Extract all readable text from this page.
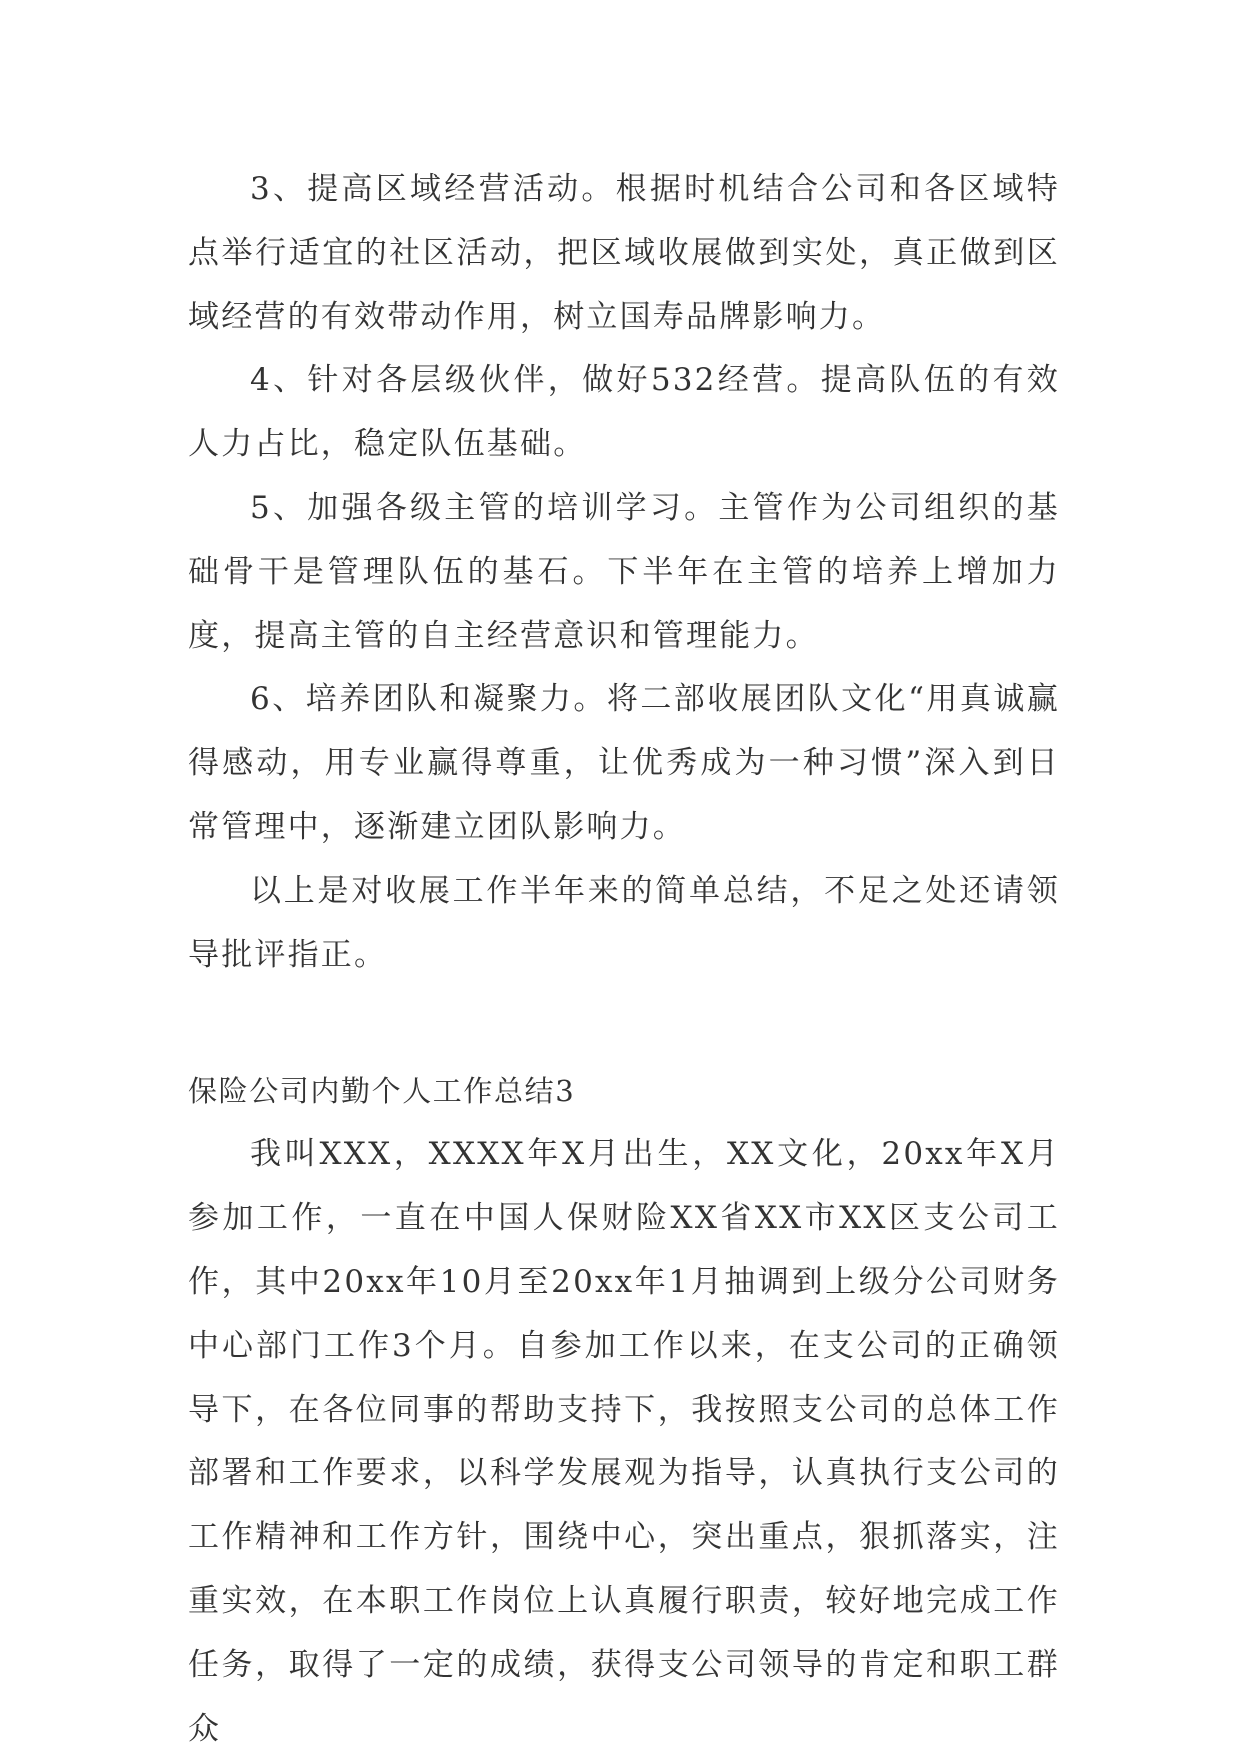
3、提高区域经营活动。根据时机结合公司和各区域特点举行适宜的社区活动，把区域收展做到实处，真正做到区域经营的有效带动作用，树立国寿品牌影响力。

4、针对各层级伙伴，做好532经营。提高队伍的有效人力占比，稳定队伍基础。

5、加强各级主管的培训学习。主管作为公司组织的基础骨干是管理队伍的基石。下半年在主管的培养上增加力度，提高主管的自主经营意识和管理能力。

6、培养团队和凝聚力。将二部收展团队文化“用真诚赢得感动，用专业赢得尊重，让优秀成为一种习惯”深入到日常管理中，逐渐建立团队影响力。

以上是对收展工作半年来的简单总结，不足之处还请领导批评指正。

保险公司内勤个人工作总结3

我叫XXX，XXXX年X月出生，XX文化，20xx年X月参加工作，一直在中国人保财险XX省XX市XX区支公司工作，其中20xx年10月至20xx年1月抽调到上级分公司财务中心部门工作3个月。自参加工作以来，在支公司的正确领导下，在各位同事的帮助支持下，我按照支公司的总体工作部署和工作要求，以科学发展观为指导，认真执行支公司的工作精神和工作方针，围绕中心，突出重点，狠抓落实，注重实效，在本职工作岗位上认真履行职责，较好地完成工作任务，取得了一定的成绩，获得支公司领导的肯定和职工群众
